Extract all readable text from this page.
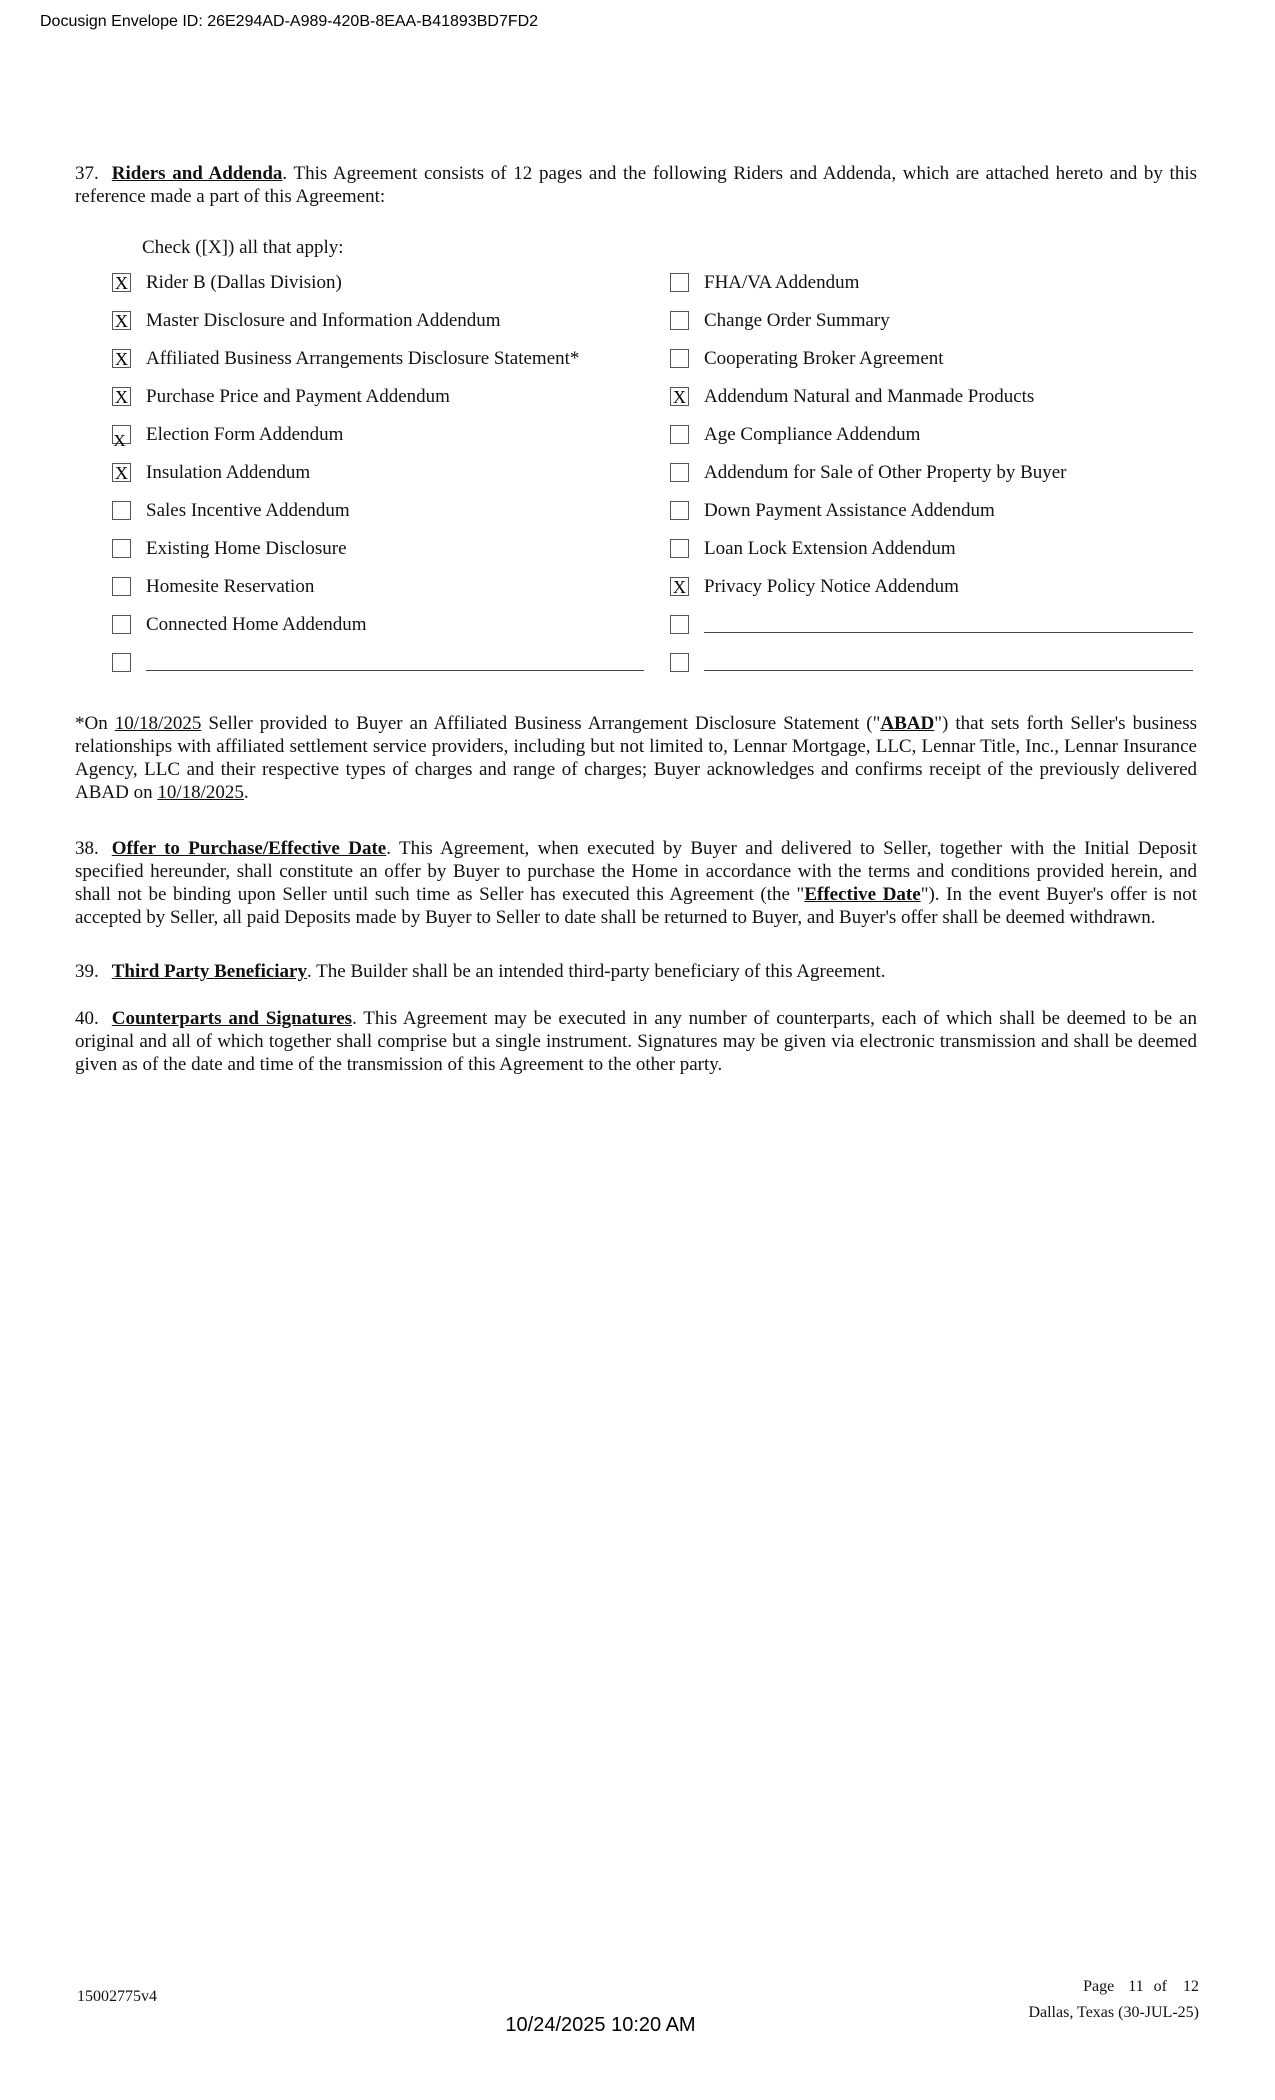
Docusign Envelope ID: 26E294AD-A989-420B-8EAA-B41893BD7FD2

37. Riders and Addenda. This Agreement consists of 12 pages and the following Riders and Addenda, which are attached hereto and by this reference made a part of this Agreement:

Check ([X]) all that apply:
X Rider B (Dallas Division)
X Master Disclosure and Information Addendum
X Affiliated Business Arrangements Disclosure Statement*
X Purchase Price and Payment Addendum
X Election Form Addendum
X Insulation Addendum
Sales Incentive Addendum
Existing Home Disclosure
Homesite Reservation
Connected Home Addendum
FHA/VA Addendum
Change Order Summary
Cooperating Broker Agreement
X Addendum Natural and Manmade Products
Age Compliance Addendum
Addendum for Sale of Other Property by Buyer
Down Payment Assistance Addendum
Loan Lock Extension Addendum
X Privacy Policy Notice Addendum

*On 10/18/2025 Seller provided to Buyer an Affiliated Business Arrangement Disclosure Statement ("ABAD") that sets forth Seller's business relationships with affiliated settlement service providers, including but not limited to, Lennar Mortgage, LLC, Lennar Title, Inc., Lennar Insurance Agency, LLC and their respective types of charges and range of charges; Buyer acknowledges and confirms receipt of the previously delivered ABAD on 10/18/2025.

38. Offer to Purchase/Effective Date. This Agreement, when executed by Buyer and delivered to Seller, together with the Initial Deposit specified hereunder, shall constitute an offer by Buyer to purchase the Home in accordance with the terms and conditions provided herein, and shall not be binding upon Seller until such time as Seller has executed this Agreement (the "Effective Date"). In the event Buyer's offer is not accepted by Seller, all paid Deposits made by Buyer to Seller to date shall be returned to Buyer, and Buyer's offer shall be deemed withdrawn.

39. Third Party Beneficiary. The Builder shall be an intended third-party beneficiary of this Agreement.

40. Counterparts and Signatures. This Agreement may be executed in any number of counterparts, each of which shall be deemed to be an original and all of which together shall comprise but a single instrument. Signatures may be given via electronic transmission and shall be deemed given as of the date and time of the transmission of this Agreement to the other party.

15002775v4
Page 11 of 12
Dallas, Texas (30-JUL-25)
10/24/2025 10:20 AM
